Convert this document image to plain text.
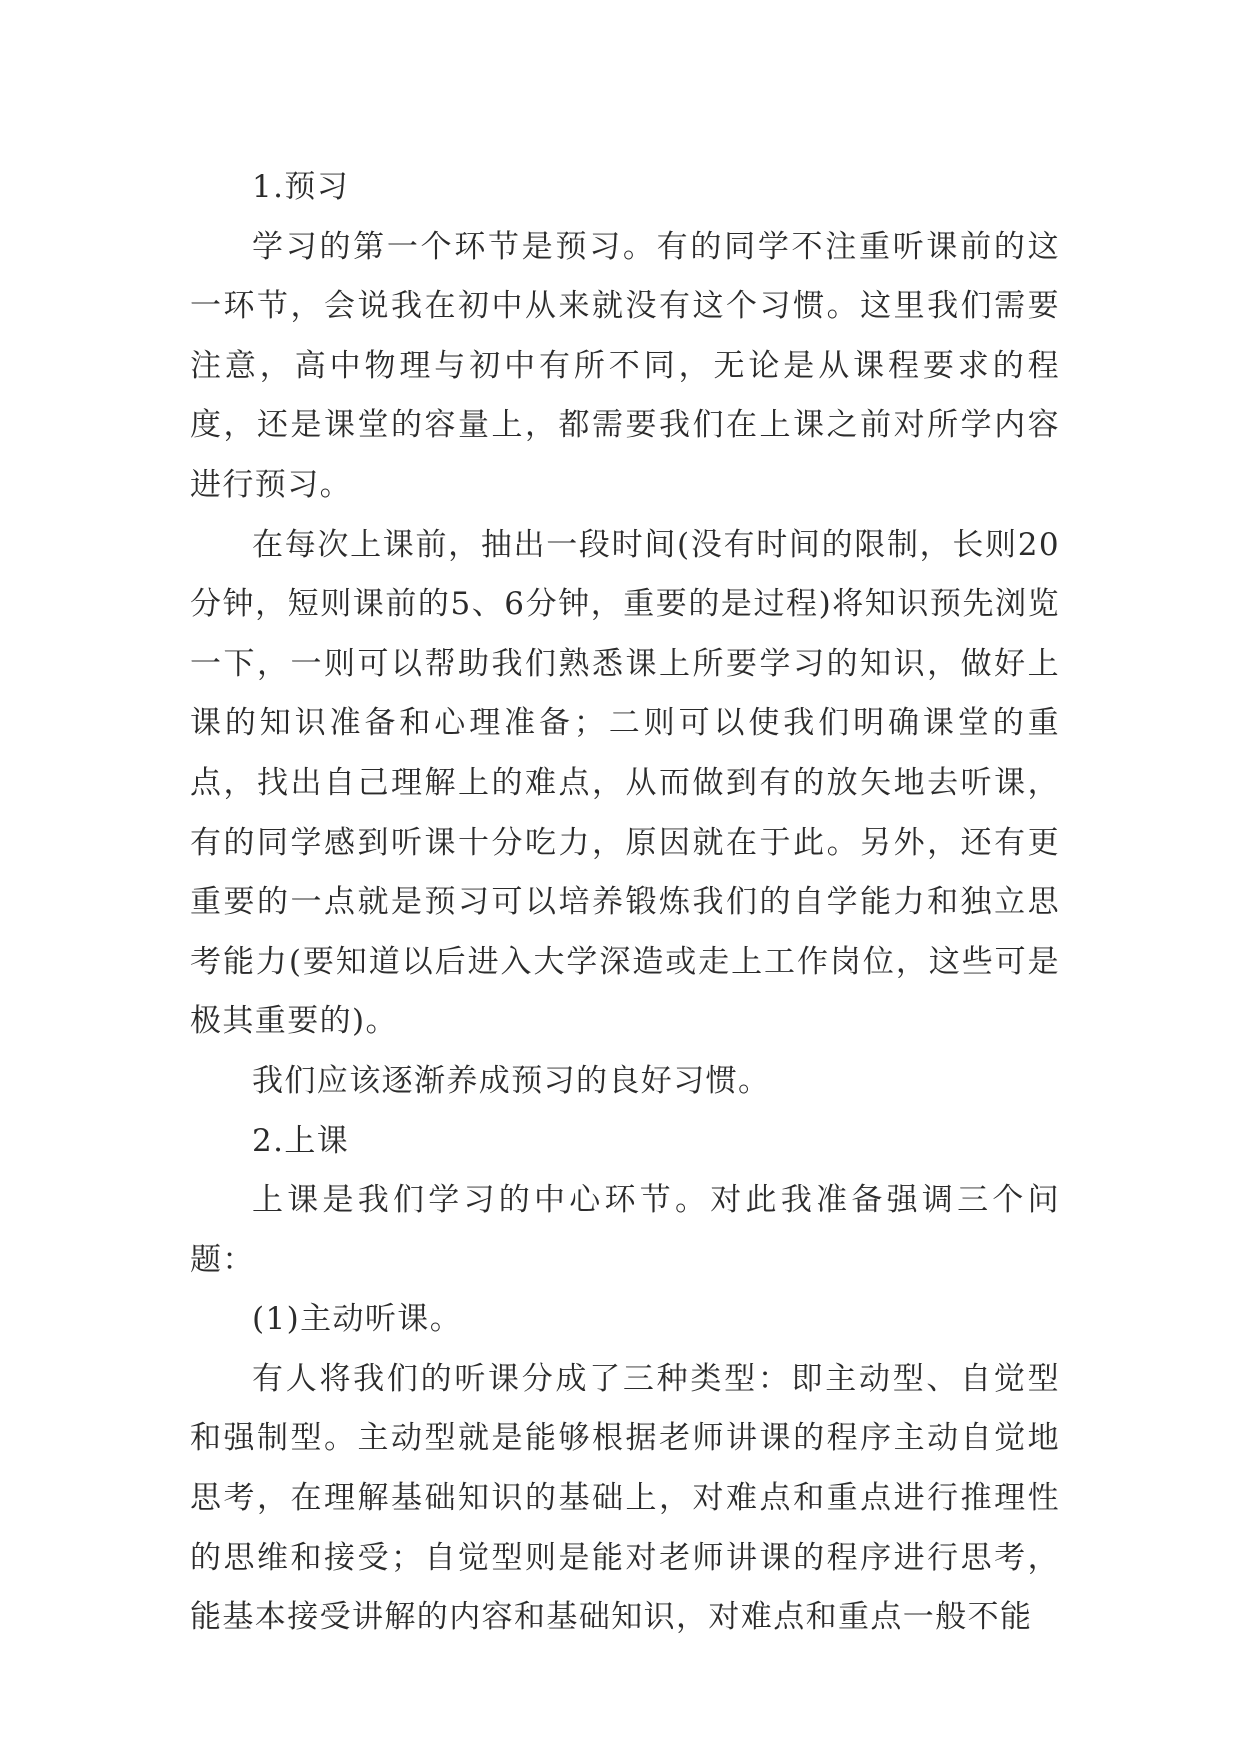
1.预习

学习的第一个环节是预习。有的同学不注重听课前的这一环节，会说我在初中从来就没有这个习惯。这里我们需要注意，高中物理与初中有所不同，无论是从课程要求的程度，还是课堂的容量上，都需要我们在上课之前对所学内容进行预习。

在每次上课前，抽出一段时间(没有时间的限制，长则20分钟，短则课前的5、6分钟，重要的是过程)将知识预先浏览一下，一则可以帮助我们熟悉课上所要学习的知识，做好上课的知识准备和心理准备；二则可以使我们明确课堂的重点，找出自己理解上的难点，从而做到有的放矢地去听课，有的同学感到听课十分吃力，原因就在于此。另外，还有更重要的一点就是预习可以培养锻炼我们的自学能力和独立思考能力(要知道以后进入大学深造或走上工作岗位，这些可是极其重要的)。

我们应该逐渐养成预习的良好习惯。

2.上课

上课是我们学习的中心环节。对此我准备强调三个问题：

(1)主动听课。

有人将我们的听课分成了三种类型：即主动型、自觉型和强制型。主动型就是能够根据老师讲课的程序主动自觉地思考，在理解基础知识的基础上，对难点和重点进行推理性的思维和接受；自觉型则是能对老师讲课的程序进行思考，能基本接受讲解的内容和基础知识，对难点和重点一般不能
